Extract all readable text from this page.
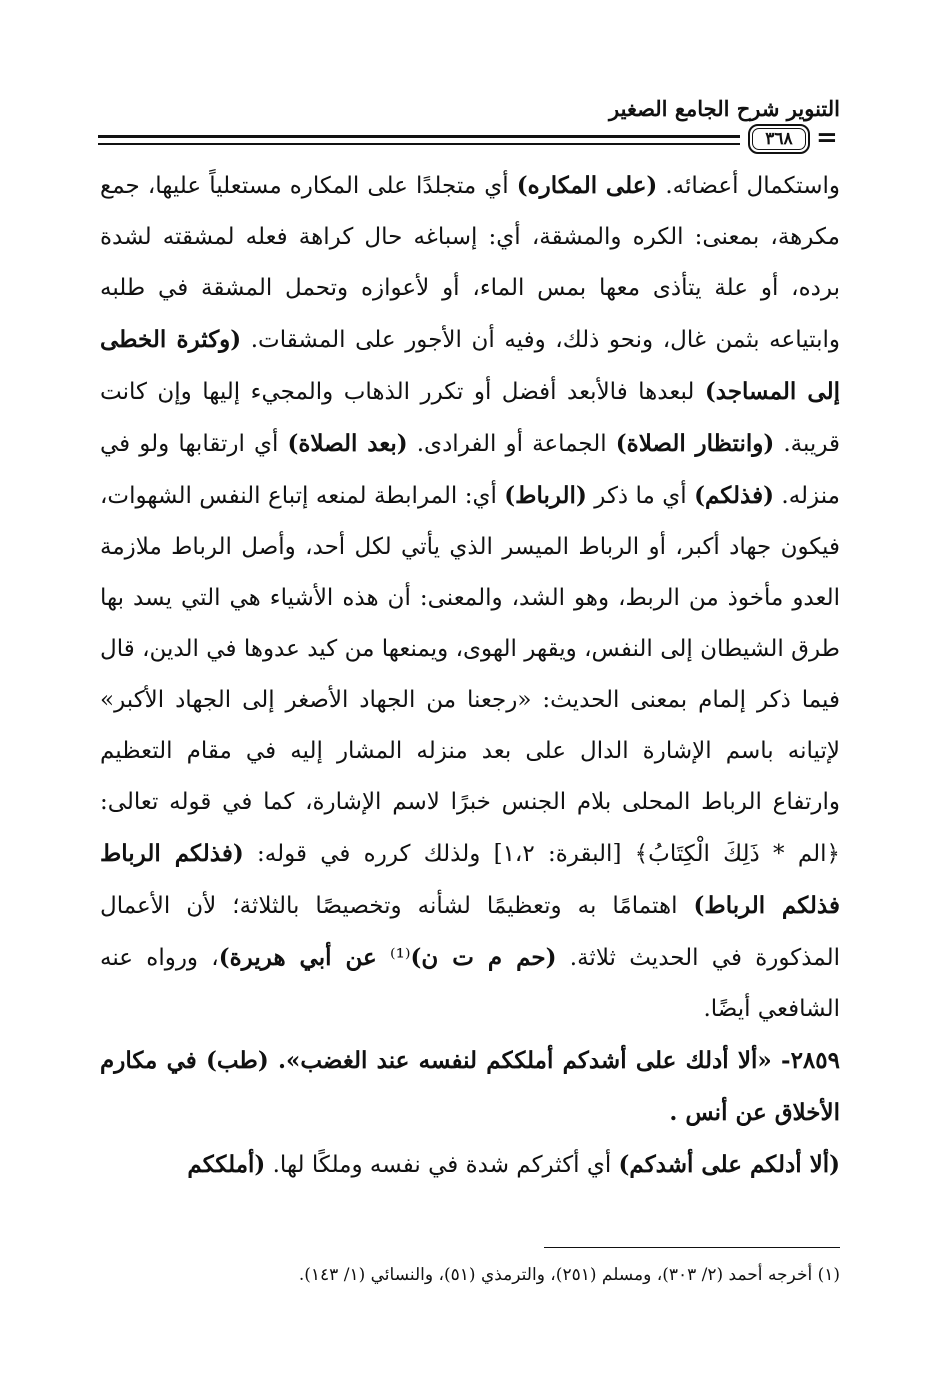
التنوير شرح الجامع الصغير
٣٦٨ =

واستكمال أعضائه. (على المكاره) أي متجلدًا على المكاره مستعلياً عليها، جمع مكرهة، بمعنى: الكره والمشقة، أي: إسباغه حال كراهة فعله لمشقته لشدة برده، أو علة يتأذى معها بمس الماء، أو لأعوازه وتحمل المشقة في طلبه وابتياعه بثمن غال، ونحو ذلك، وفيه أن الأجور على المشقات. (وكثرة الخطى إلى المساجد) لبعدها فالأبعد أفضل أو تكرر الذهاب والمجيء إليها وإن كانت قريبة. (وانتظار الصلاة) الجماعة أو الفرادى. (بعد الصلاة) أي ارتقابها ولو في منزله. (فذلكم) أي ما ذكر (الرباط) أي: المرابطة لمنعه إتباع النفس الشهوات، فيكون جهاد أكبر، أو الرباط الميسر الذي يأتي لكل أحد، وأصل الرباط ملازمة العدو مأخوذ من الربط، وهو الشد، والمعنى: أن هذه الأشياء هي التي يسد بها طرق الشيطان إلى النفس، ويقهر الهوى، ويمنعها من كيد عدوها في الدين، قال فيما ذكر إلمام بمعنى الحديث: «رجعنا من الجهاد الأصغر إلى الجهاد الأكبر» لإتيانه باسم الإشارة الدال على بعد منزله المشار إليه في مقام التعظيم وارتفاع الرباط المحلى بلام الجنس خبرًا لاسم الإشارة، كما في قوله تعالى: ﴿الم * ذَلِكَ الْكِتَابُ﴾ [البقرة: ١،٢] ولذلك كرره في قوله: (فذلكم الرباط فذلكم الرباط) اهتمامًا به وتعظيمًا لشأنه وتخصيصًا بالثلاثة؛ لأن الأعمال المذكورة في الحديث ثلاثة. (حم م ت ن)⁽¹⁾ عن أبي هريرة)، ورواه عنه الشافعي أيضًا.

٢٨٥٩- «ألا أدلك على أشدكم أملككم لنفسه عند الغضب». (طب) في مكارم الأخلاق عن أنس .

(ألا أدلكم على أشدكم) أي أكثركم شدة في نفسه وملكًا لها. (أملككم

(١) أخرجه أحمد (٢/ ٣٠٣)، ومسلم (٢٥١)، والترمذي (٥١)، والنسائي (١/ ١٤٣).
